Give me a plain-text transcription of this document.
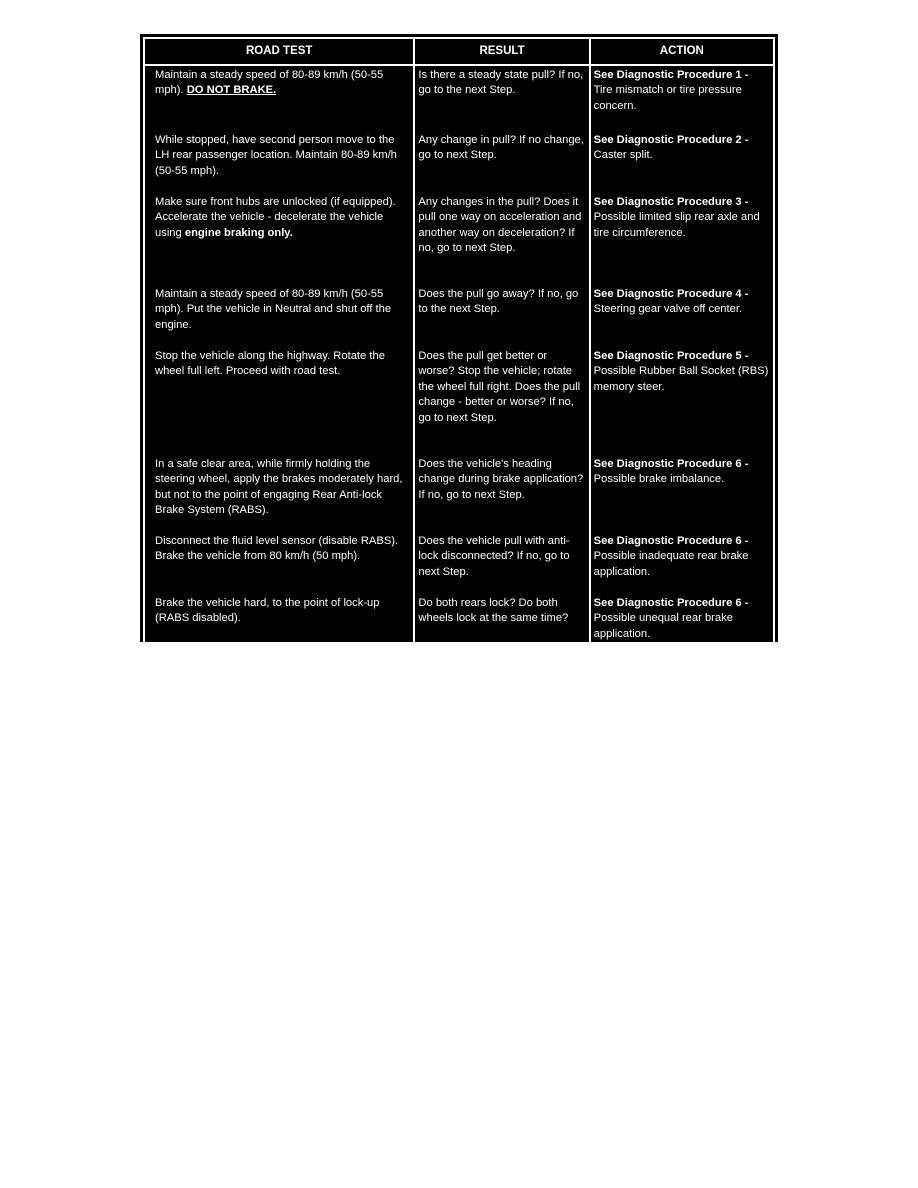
ROAD TEST	RESULT	ACTION
Maintain a steady speed of 80-89 km/h (50-55 mph). DO NOT BRAKE.	Is there a steady state pull? If no, go to the next Step.	See Diagnostic Procedure 1 - Tire mismatch or tire pressure concern.
While stopped, have second person move to the LH rear passenger location. Maintain 80-89 km/h (50-55 mph).	Any change in pull? If no change, go to next Step.	See Diagnostic Procedure 2 - Caster split.
Make sure front hubs are unlocked (if equipped). Accelerate the vehicle - decelerate the vehicle using engine braking only.	Any changes in the pull? Does it pull one way on acceleration and another way on deceleration? If no, go to next Step.	See Diagnostic Procedure 3 - Possible limited slip rear axle and tire circumference.
Maintain a steady speed of 80-89 km/h (50-55 mph). Put the vehicle in Neutral and shut off the engine.	Does the pull go away? If no, go to the next Step.	See Diagnostic Procedure 4 - Steering gear valve off center.
Stop the vehicle along the highway. Rotate the wheel full left. Proceed with road test.	Does the pull get better or worse? Stop the vehicle; rotate the wheel full right. Does the pull change - better or worse? If no, go to next Step.	See Diagnostic Procedure 5 - Possible Rubber Ball Socket (RBS) memory steer.
In a safe clear area, while firmly holding the steering wheel, apply the brakes moderately hard, but not to the point of engaging Rear Anti-lock Brake System (RABS).	Does the vehicle's heading change during brake application? If no, go to next Step.	See Diagnostic Procedure 6 - Possible brake imbalance.
Disconnect the fluid level sensor (disable RABS). Brake the vehicle from 80 km/h (50 mph).	Does the vehicle pull with anti-lock disconnected? If no, go to next Step.	See Diagnostic Procedure 6 - Possible inadequate rear brake application.
Brake the vehicle hard, to the point of lock-up (RABS disabled).	Do both rears lock? Do both wheels lock at the same time?	See Diagnostic Procedure 6 - Possible unequal rear brake application.
